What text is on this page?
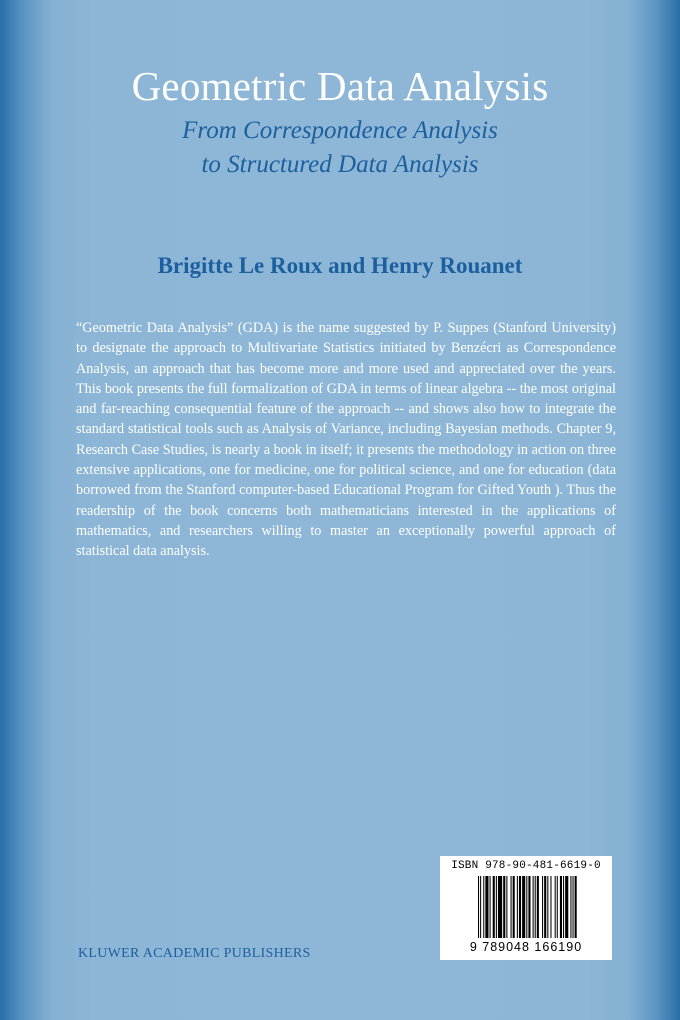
Geometric Data Analysis
From Correspondence Analysis
to Structured Data Analysis
Brigitte Le Roux and Henry Rouanet

“Geometric Data Analysis” (GDA) is the name suggested by P. Suppes (Stanford University) to designate the approach to Multivariate Statistics initiated by Benzécri as Correspondence Analysis, an approach that has become more and more used and appreciated over the years. This book presents the full formalization of GDA in terms of linear algebra -- the most original and far-reaching consequential feature of the approach -- and shows also how to integrate the standard statistical tools such as Analysis of Variance, including Bayesian methods. Chapter 9, Research Case Studies, is nearly a book in itself; it presents the methodology in action on three extensive applications, one for medicine, one for political science, and one for education (data borrowed from the Stanford computer-based Educational Program for Gifted Youth ). Thus the readership of the book concerns both mathematicians interested in the applications of mathematics, and researchers willing to master an exceptionally powerful approach of statistical data analysis.

KLUWER ACADEMIC PUBLISHERS
ISBN 978-90-481-6619-0
9 789048 166190
